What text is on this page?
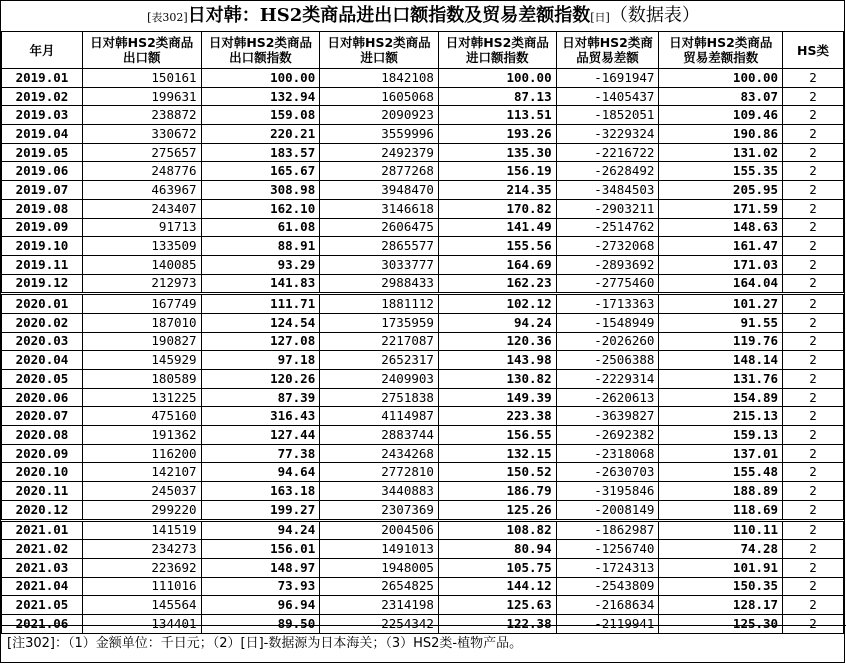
[表302]日对韩：HS2类商品进出口额指数及贸易差额指数[日]（数据表）
年月	日对韩HS2类商品出口额	日对韩HS2类商品出口额指数	日对韩HS2类商品进口额	日对韩HS2类商品进口额指数	日对韩HS2类商品贸易差额	日对韩HS2类商品贸易差额指数	HS类
2019.01	150161	100.00	1842108	100.00	-1691947	100.00	2
2019.02	199631	132.94	1605068	87.13	-1405437	83.07	2
2019.03	238872	159.08	2090923	113.51	-1852051	109.46	2
2019.04	330672	220.21	3559996	193.26	-3229324	190.86	2
2019.05	275657	183.57	2492379	135.30	-2216722	131.02	2
2019.06	248776	165.67	2877268	156.19	-2628492	155.35	2
2019.07	463967	308.98	3948470	214.35	-3484503	205.95	2
2019.08	243407	162.10	3146618	170.82	-2903211	171.59	2
2019.09	91713	61.08	2606475	141.49	-2514762	148.63	2
2019.10	133509	88.91	2865577	155.56	-2732068	161.47	2
2019.11	140085	93.29	3033777	164.69	-2893692	171.03	2
2019.12	212973	141.83	2988433	162.23	-2775460	164.04	2
2020.01	167749	111.71	1881112	102.12	-1713363	101.27	2
2020.02	187010	124.54	1735959	94.24	-1548949	91.55	2
2020.03	190827	127.08	2217087	120.36	-2026260	119.76	2
2020.04	145929	97.18	2652317	143.98	-2506388	148.14	2
2020.05	180589	120.26	2409903	130.82	-2229314	131.76	2
2020.06	131225	87.39	2751838	149.39	-2620613	154.89	2
2020.07	475160	316.43	4114987	223.38	-3639827	215.13	2
2020.08	191362	127.44	2883744	156.55	-2692382	159.13	2
2020.09	116200	77.38	2434268	132.15	-2318068	137.01	2
2020.10	142107	94.64	2772810	150.52	-2630703	155.48	2
2020.11	245037	163.18	3440883	186.79	-3195846	188.89	2
2020.12	299220	199.27	2307369	125.26	-2008149	118.69	2
2021.01	141519	94.24	2004506	108.82	-1862987	110.11	2
2021.02	234273	156.01	1491013	80.94	-1256740	74.28	2
2021.03	223692	148.97	1948005	105.75	-1724313	101.91	2
2021.04	111016	73.93	2654825	144.12	-2543809	150.35	2
2021.05	145564	96.94	2314198	125.63	-2168634	128.17	2
2021.06	134401	89.50	2254342	122.38	-2119941	125.30	2
[注302]：（1）金额单位：千日元；（2）[日]-数据源为日本海关；（3）HS2类-植物产品。
